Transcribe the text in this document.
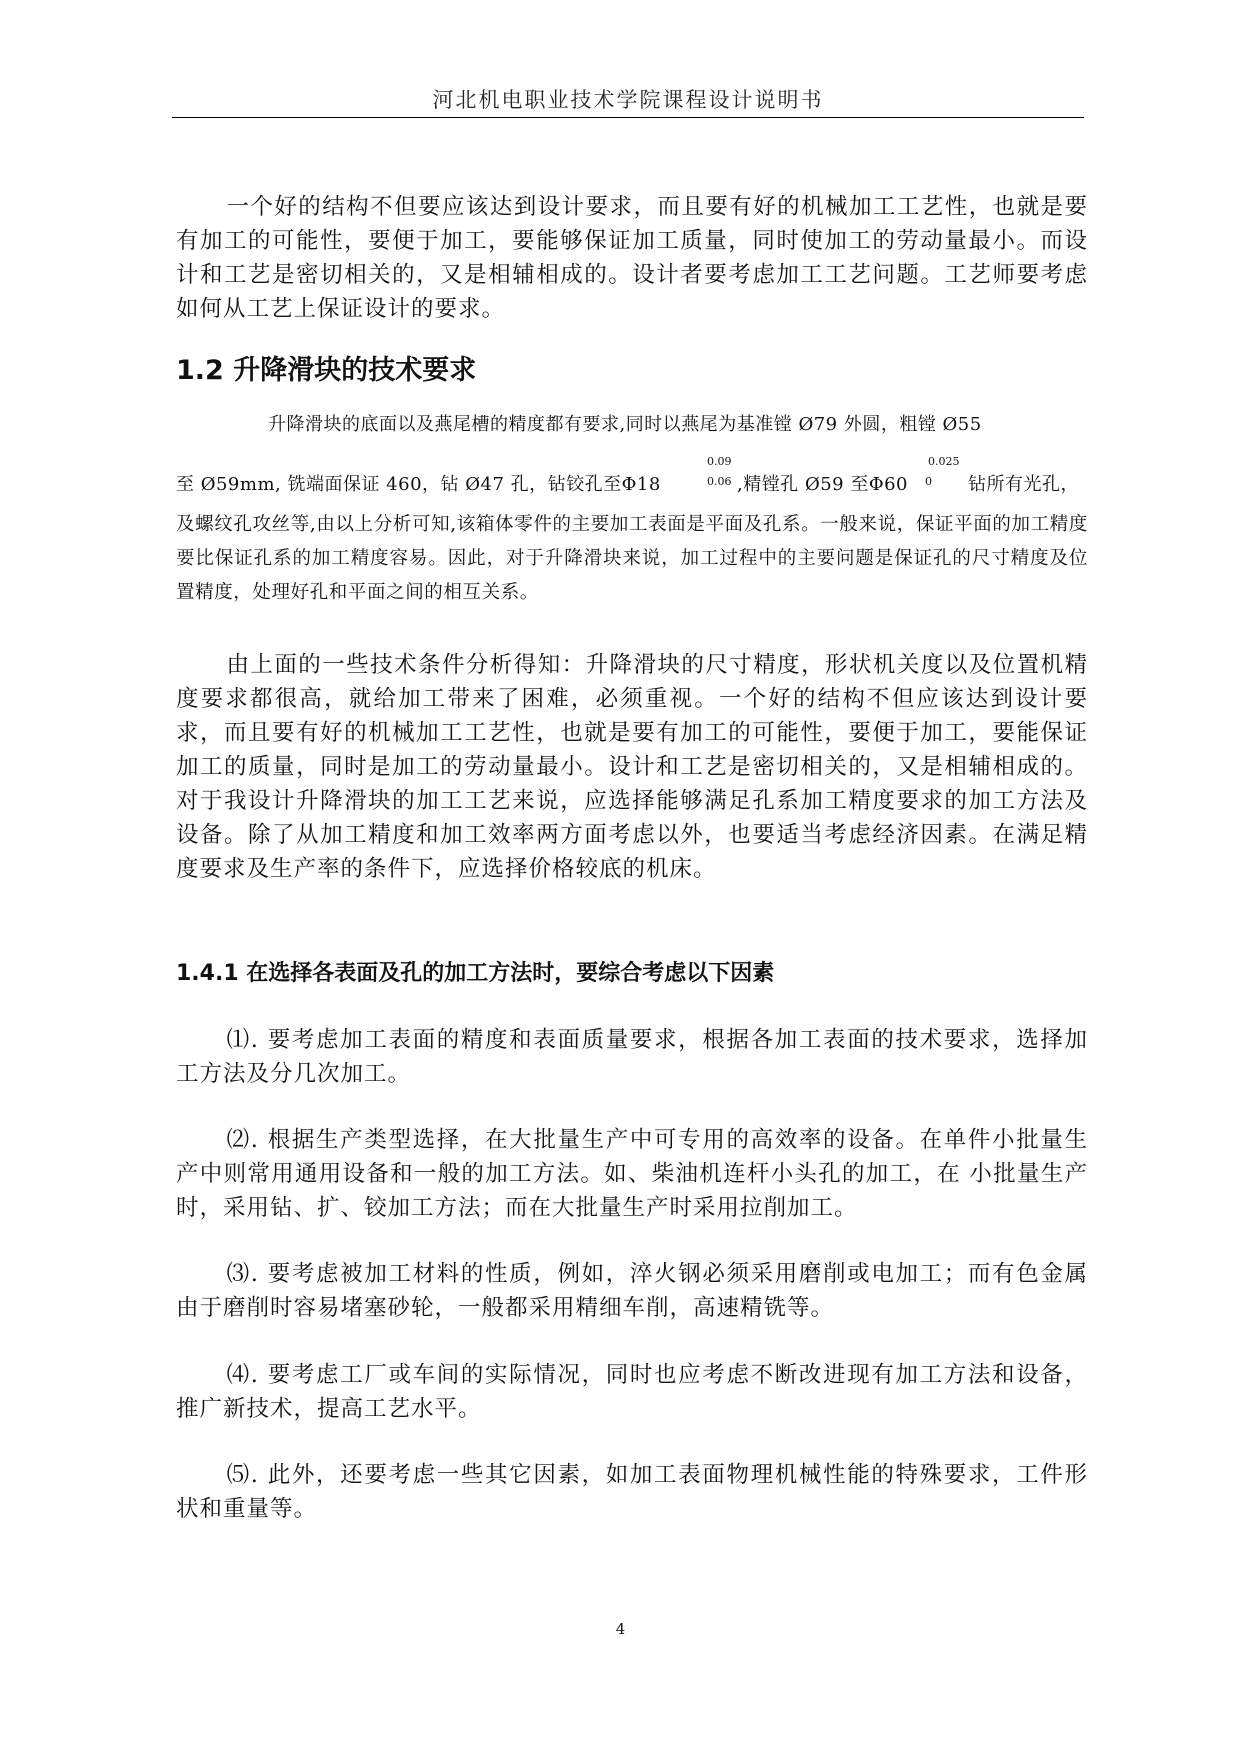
河北机电职业技术学院课程设计说明书

一个好的结构不但要应该达到设计要求，而且要有好的机械加工工艺性，也就是要有加工的可能性，要便于加工，要能够保证加工质量，同时使加工的劳动量最小。而设计和工艺是密切相关的，又是相辅相成的。设计者要考虑加工工艺问题。工艺师要考虑如何从工艺上保证设计的要求。

1.2 升降滑块的技术要求

升降滑块的底面以及燕尾槽的精度都有要求,同时以燕尾为基准镗 Ø79 外圆，粗镗 Ø55

至 Ø59mm, 铣端面保证 460，钻 Ø47 孔，钻铰孔至Φ18

0.09
0.06 ,精镗孔 Ø59 至Φ60

0.025
0 钻所有光孔，

及螺纹孔攻丝等,由以上分析可知,该箱体零件的主要加工表面是平面及孔系。一般来说，保证平面的加工精度要比保证孔系的加工精度容易。因此，对于升降滑块来说，加工过程中的主要问题是保证孔的尺寸精度及位置精度，处理好孔和平面之间的相互关系。

由上面的一些技术条件分析得知：升降滑块的尺寸精度，形状机关度以及位置机精度要求都很高，就给加工带来了困难，必须重视。一个好的结构不但应该达到设计要求，而且要有好的机械加工工艺性，也就是要有加工的可能性，要便于加工，要能保证加工的质量，同时是加工的劳动量最小。设计和工艺是密切相关的，又是相辅相成的。对于我设计升降滑块的加工工艺来说，应选择能够满足孔系加工精度要求的加工方法及设备。除了从加工精度和加工效率两方面考虑以外，也要适当考虑经济因素。在满足精度要求及生产率的条件下，应选择价格较底的机床。

1.4.1 在选择各表面及孔的加工方法时，要综合考虑以下因素

⑴. 要考虑加工表面的精度和表面质量要求，根据各加工表面的技术要求，选择加工方法及分几次加工。

⑵. 根据生产类型选择，在大批量生产中可专用的高效率的设备。在单件小批量生产中则常用通用设备和一般的加工方法。如、柴油机连杆小头孔的加工，在 小批量生产时，采用钻、扩、铰加工方法；而在大批量生产时采用拉削加工。

⑶. 要考虑被加工材料的性质，例如，淬火钢必须采用磨削或电加工；而有色金属由于磨削时容易堵塞砂轮，一般都采用精细车削，高速精铣等。

⑷. 要考虑工厂或车间的实际情况，同时也应考虑不断改进现有加工方法和设备，推广新技术，提高工艺水平。

⑸. 此外，还要考虑一些其它因素，如加工表面物理机械性能的特殊要求，工件形状和重量等。

4
